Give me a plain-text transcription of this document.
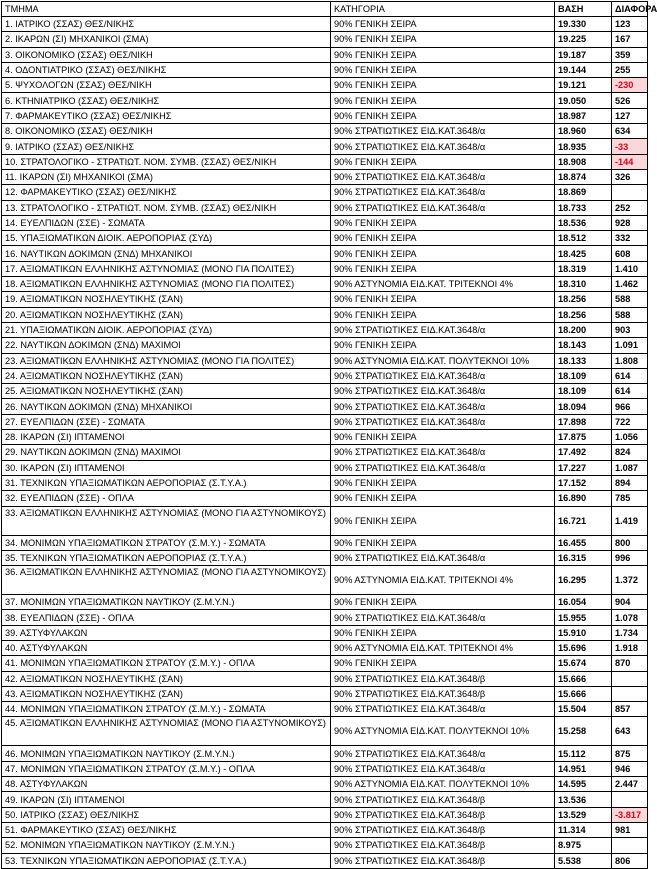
ΤΜΗΜΑ	ΚΑΤΗΓΟΡΙΑ	ΒΑΣΗ	ΔΙΑΦΟΡΑ
1. ΙΑΤΡΙΚΟ (ΣΣΑΣ) ΘΕΣ/ΝΙΚΗΣ	90% ΓΕΝΙΚΗ ΣΕΙΡΑ	19.330	123
2. ΙΚΑΡΩΝ (ΣΙ) ΜΗΧΑΝΙΚΟΙ (ΣΜΑ)	90% ΓΕΝΙΚΗ ΣΕΙΡΑ	19.225	167
3. ΟΙΚΟΝΟΜΙΚΟ (ΣΣΑΣ) ΘΕΣ/ΝΙΚΗ	90% ΓΕΝΙΚΗ ΣΕΙΡΑ	19.187	359
4. ΟΔΟΝΤΙΑΤΡΙΚΟ (ΣΣΑΣ) ΘΕΣ/ΝΙΚΗΣ	90% ΓΕΝΙΚΗ ΣΕΙΡΑ	19.144	255
5. ΨΥΧΟΛΟΓΩΝ (ΣΣΑΣ) ΘΕΣ/ΝΙΚΗ	90% ΓΕΝΙΚΗ ΣΕΙΡΑ	19.121	-230
6. ΚΤΗΝΙΑΤΡΙΚΟ (ΣΣΑΣ) ΘΕΣ/ΝΙΚΗΣ	90% ΓΕΝΙΚΗ ΣΕΙΡΑ	19.050	526
7. ΦΑΡΜΑΚΕΥΤΙΚΟ (ΣΣΑΣ) ΘΕΣ/ΝΙΚΗΣ	90% ΓΕΝΙΚΗ ΣΕΙΡΑ	18.987	127
8. ΟΙΚΟΝΟΜΙΚΟ (ΣΣΑΣ) ΘΕΣ/ΝΙΚΗ	90% ΣΤΡΑΤΙΩΤΙΚΕΣ ΕΙΔ.ΚΑΤ.3648/α	18.960	634
9. ΙΑΤΡΙΚΟ (ΣΣΑΣ) ΘΕΣ/ΝΙΚΗΣ	90% ΣΤΡΑΤΙΩΤΙΚΕΣ ΕΙΔ.ΚΑΤ.3648/α	18.935	-33
10. ΣΤΡΑΤΟΛΟΓΙΚΟ - ΣΤΡΑΤΙΩΤ. ΝΟΜ. ΣΥΜΒ. (ΣΣΑΣ) ΘΕΣ/ΝΙΚΗ	90% ΓΕΝΙΚΗ ΣΕΙΡΑ	18.908	-144
11. ΙΚΑΡΩΝ (ΣΙ) ΜΗΧΑΝΙΚΟΙ (ΣΜΑ)	90% ΣΤΡΑΤΙΩΤΙΚΕΣ ΕΙΔ.ΚΑΤ.3648/α	18.874	326
12. ΦΑΡΜΑΚΕΥΤΙΚΟ (ΣΣΑΣ) ΘΕΣ/ΝΙΚΗΣ	90% ΣΤΡΑΤΙΩΤΙΚΕΣ ΕΙΔ.ΚΑΤ.3648/α	18.869	
13. ΣΤΡΑΤΟΛΟΓΙΚΟ - ΣΤΡΑΤΙΩΤ. ΝΟΜ. ΣΥΜΒ. (ΣΣΑΣ) ΘΕΣ/ΝΙΚΗ	90% ΣΤΡΑΤΙΩΤΙΚΕΣ ΕΙΔ.ΚΑΤ.3648/α	18.733	252
14. ΕΥΕΛΠΙΔΩΝ (ΣΣΕ) - ΣΩΜΑΤΑ	90% ΓΕΝΙΚΗ ΣΕΙΡΑ	18.536	928
15. ΥΠΑΞΙΩΜΑΤΙΚΩΝ ΔΙΟΙΚ. ΑΕΡΟΠΟΡΙΑΣ (ΣΥΔ)	90% ΓΕΝΙΚΗ ΣΕΙΡΑ	18.512	332
16. ΝΑΥΤΙΚΩΝ ΔΟΚΙΜΩΝ (ΣΝΔ) ΜΗΧΑΝΙΚΟΙ	90% ΓΕΝΙΚΗ ΣΕΙΡΑ	18.425	608
17. ΑΞΙΩΜΑΤΙΚΩΝ ΕΛΛΗΝΙΚΗΣ ΑΣΤΥΝΟΜΙΑΣ (ΜΟΝΟ ΓΙΑ ΠΟΛΙΤΕΣ)	90% ΓΕΝΙΚΗ ΣΕΙΡΑ	18.319	1.410
18. ΑΞΙΩΜΑΤΙΚΩΝ ΕΛΛΗΝΙΚΗΣ ΑΣΤΥΝΟΜΙΑΣ (ΜΟΝΟ ΓΙΑ ΠΟΛΙΤΕΣ)	90% ΑΣΤΥΝΟΜΙΑ ΕΙΔ.ΚΑΤ. ΤΡΙΤΕΚΝΟΙ 4%	18.310	1.462
19. ΑΞΙΩΜΑΤΙΚΩΝ ΝΟΣΗΛΕΥΤΙΚΗΣ (ΣΑΝ)	90% ΓΕΝΙΚΗ ΣΕΙΡΑ	18.256	588
20. ΑΞΙΩΜΑΤΙΚΩΝ ΝΟΣΗΛΕΥΤΙΚΗΣ (ΣΑΝ)	90% ΓΕΝΙΚΗ ΣΕΙΡΑ	18.256	588
21. ΥΠΑΞΙΩΜΑΤΙΚΩΝ ΔΙΟΙΚ. ΑΕΡΟΠΟΡΙΑΣ (ΣΥΔ)	90% ΣΤΡΑΤΙΩΤΙΚΕΣ ΕΙΔ.ΚΑΤ.3648/α	18.200	903
22. ΝΑΥΤΙΚΩΝ ΔΟΚΙΜΩΝ (ΣΝΔ) ΜΑΧΙΜΟΙ	90% ΓΕΝΙΚΗ ΣΕΙΡΑ	18.143	1.091
23. ΑΞΙΩΜΑΤΙΚΩΝ ΕΛΛΗΝΙΚΗΣ ΑΣΤΥΝΟΜΙΑΣ (ΜΟΝΟ ΓΙΑ ΠΟΛΙΤΕΣ)	90% ΑΣΤΥΝΟΜΙΑ ΕΙΔ.ΚΑΤ. ΠΟΛΥΤΕΚΝΟΙ 10%	18.133	1.808
24. ΑΞΙΩΜΑΤΙΚΩΝ ΝΟΣΗΛΕΥΤΙΚΗΣ (ΣΑΝ)	90% ΣΤΡΑΤΙΩΤΙΚΕΣ ΕΙΔ.ΚΑΤ.3648/α	18.109	614
25. ΑΞΙΩΜΑΤΙΚΩΝ ΝΟΣΗΛΕΥΤΙΚΗΣ (ΣΑΝ)	90% ΣΤΡΑΤΙΩΤΙΚΕΣ ΕΙΔ.ΚΑΤ.3648/α	18.109	614
26. ΝΑΥΤΙΚΩΝ ΔΟΚΙΜΩΝ (ΣΝΔ) ΜΗΧΑΝΙΚΟΙ	90% ΣΤΡΑΤΙΩΤΙΚΕΣ ΕΙΔ.ΚΑΤ.3648/α	18.094	966
27. ΕΥΕΛΠΙΔΩΝ (ΣΣΕ) - ΣΩΜΑΤΑ	90% ΣΤΡΑΤΙΩΤΙΚΕΣ ΕΙΔ.ΚΑΤ.3648/α	17.898	722
28. ΙΚΑΡΩΝ (ΣΙ) ΙΠΤΑΜΕΝΟΙ	90% ΓΕΝΙΚΗ ΣΕΙΡΑ	17.875	1.056
29. ΝΑΥΤΙΚΩΝ ΔΟΚΙΜΩΝ (ΣΝΔ) ΜΑΧΙΜΟΙ	90% ΣΤΡΑΤΙΩΤΙΚΕΣ ΕΙΔ.ΚΑΤ.3648/α	17.492	824
30. ΙΚΑΡΩΝ (ΣΙ) ΙΠΤΑΜΕΝΟΙ	90% ΣΤΡΑΤΙΩΤΙΚΕΣ ΕΙΔ.ΚΑΤ.3648/α	17.227	1.087
31. ΤΕΧΝΙΚΩΝ ΥΠΑΞΙΩΜΑΤΙΚΩΝ ΑΕΡΟΠΟΡΙΑΣ (Σ.Τ.Υ.Α.)	90% ΓΕΝΙΚΗ ΣΕΙΡΑ	17.152	894
32. ΕΥΕΛΠΙΔΩΝ (ΣΣΕ) - ΟΠΛΑ	90% ΓΕΝΙΚΗ ΣΕΙΡΑ	16.890	785
33. ΑΞΙΩΜΑΤΙΚΩΝ ΕΛΛΗΝΙΚΗΣ ΑΣΤΥΝΟΜΙΑΣ (ΜΟΝΟ ΓΙΑ ΑΣΤΥΝΟΜΙΚΟΥΣ)	90% ΓΕΝΙΚΗ ΣΕΙΡΑ	16.721	1.419
34. ΜΟΝΙΜΩΝ ΥΠΑΞΙΩΜΑΤΙΚΩΝ ΣΤΡΑΤΟΥ (Σ.Μ.Υ.) - ΣΩΜΑΤΑ	90% ΓΕΝΙΚΗ ΣΕΙΡΑ	16.455	800
35. ΤΕΧΝΙΚΩΝ ΥΠΑΞΙΩΜΑΤΙΚΩΝ ΑΕΡΟΠΟΡΙΑΣ (Σ.Τ.Υ.Α.)	90% ΣΤΡΑΤΙΩΤΙΚΕΣ ΕΙΔ.ΚΑΤ.3648/α	16.315	996
36. ΑΞΙΩΜΑΤΙΚΩΝ ΕΛΛΗΝΙΚΗΣ ΑΣΤΥΝΟΜΙΑΣ (ΜΟΝΟ ΓΙΑ ΑΣΤΥΝΟΜΙΚΟΥΣ)	90% ΑΣΤΥΝΟΜΙΑ ΕΙΔ.ΚΑΤ. ΤΡΙΤΕΚΝΟΙ 4%	16.295	1.372
37. ΜΟΝΙΜΩΝ ΥΠΑΞΙΩΜΑΤΙΚΩΝ ΝΑΥΤΙΚΟΥ (Σ.Μ.Υ.Ν.)	90% ΓΕΝΙΚΗ ΣΕΙΡΑ	16.054	904
38. ΕΥΕΛΠΙΔΩΝ (ΣΣΕ) - ΟΠΛΑ	90% ΣΤΡΑΤΙΩΤΙΚΕΣ ΕΙΔ.ΚΑΤ.3648/α	15.955	1.078
39. ΑΣΤΥΦΥΛΑΚΩΝ	90% ΓΕΝΙΚΗ ΣΕΙΡΑ	15.910	1.734
40. ΑΣΤΥΦΥΛΑΚΩΝ	90% ΑΣΤΥΝΟΜΙΑ ΕΙΔ.ΚΑΤ. ΤΡΙΤΕΚΝΟΙ 4%	15.696	1.918
41. ΜΟΝΙΜΩΝ ΥΠΑΞΙΩΜΑΤΙΚΩΝ ΣΤΡΑΤΟΥ (Σ.Μ.Υ.) - ΟΠΛΑ	90% ΓΕΝΙΚΗ ΣΕΙΡΑ	15.674	870
42. ΑΞΙΩΜΑΤΙΚΩΝ ΝΟΣΗΛΕΥΤΙΚΗΣ (ΣΑΝ)	90% ΣΤΡΑΤΙΩΤΙΚΕΣ ΕΙΔ.ΚΑΤ.3648/β	15.666	
43. ΑΞΙΩΜΑΤΙΚΩΝ ΝΟΣΗΛΕΥΤΙΚΗΣ (ΣΑΝ)	90% ΣΤΡΑΤΙΩΤΙΚΕΣ ΕΙΔ.ΚΑΤ.3648/β	15.666	
44. ΜΟΝΙΜΩΝ ΥΠΑΞΙΩΜΑΤΙΚΩΝ ΣΤΡΑΤΟΥ (Σ.Μ.Υ.) - ΣΩΜΑΤΑ	90% ΣΤΡΑΤΙΩΤΙΚΕΣ ΕΙΔ.ΚΑΤ.3648/α	15.504	857
45. ΑΞΙΩΜΑΤΙΚΩΝ ΕΛΛΗΝΙΚΗΣ ΑΣΤΥΝΟΜΙΑΣ (ΜΟΝΟ ΓΙΑ ΑΣΤΥΝΟΜΙΚΟΥΣ)	90% ΑΣΤΥΝΟΜΙΑ ΕΙΔ.ΚΑΤ. ΠΟΛΥΤΕΚΝΟΙ 10%	15.258	643
46. ΜΟΝΙΜΩΝ ΥΠΑΞΙΩΜΑΤΙΚΩΝ ΝΑΥΤΙΚΟΥ (Σ.Μ.Υ.Ν.)	90% ΣΤΡΑΤΙΩΤΙΚΕΣ ΕΙΔ.ΚΑΤ.3648/α	15.112	875
47. ΜΟΝΙΜΩΝ ΥΠΑΞΙΩΜΑΤΙΚΩΝ ΣΤΡΑΤΟΥ (Σ.Μ.Υ.) - ΟΠΛΑ	90% ΣΤΡΑΤΙΩΤΙΚΕΣ ΕΙΔ.ΚΑΤ.3648/α	14.951	946
48. ΑΣΤΥΦΥΛΑΚΩΝ	90% ΑΣΤΥΝΟΜΙΑ ΕΙΔ.ΚΑΤ. ΠΟΛΥΤΕΚΝΟΙ 10%	14.595	2.447
49. ΙΚΑΡΩΝ (ΣΙ) ΙΠΤΑΜΕΝΟΙ	90% ΣΤΡΑΤΙΩΤΙΚΕΣ ΕΙΔ.ΚΑΤ.3648/β	13.536	
50. ΙΑΤΡΙΚΟ (ΣΣΑΣ) ΘΕΣ/ΝΙΚΗΣ	90% ΣΤΡΑΤΙΩΤΙΚΕΣ ΕΙΔ.ΚΑΤ.3648/β	13.529	-3.817
51. ΦΑΡΜΑΚΕΥΤΙΚΟ (ΣΣΑΣ) ΘΕΣ/ΝΙΚΗΣ	90% ΣΤΡΑΤΙΩΤΙΚΕΣ ΕΙΔ.ΚΑΤ.3648/β	11.314	981
52. ΜΟΝΙΜΩΝ ΥΠΑΞΙΩΜΑΤΙΚΩΝ ΝΑΥΤΙΚΟΥ (Σ.Μ.Υ.Ν.)	90% ΣΤΡΑΤΙΩΤΙΚΕΣ ΕΙΔ.ΚΑΤ.3648/β	8.975	
53. ΤΕΧΝΙΚΩΝ ΥΠΑΞΙΩΜΑΤΙΚΩΝ ΑΕΡΟΠΟΡΙΑΣ (Σ.Τ.Υ.Α.)	90% ΣΤΡΑΤΙΩΤΙΚΕΣ ΕΙΔ.ΚΑΤ.3648/β	5.538	806
